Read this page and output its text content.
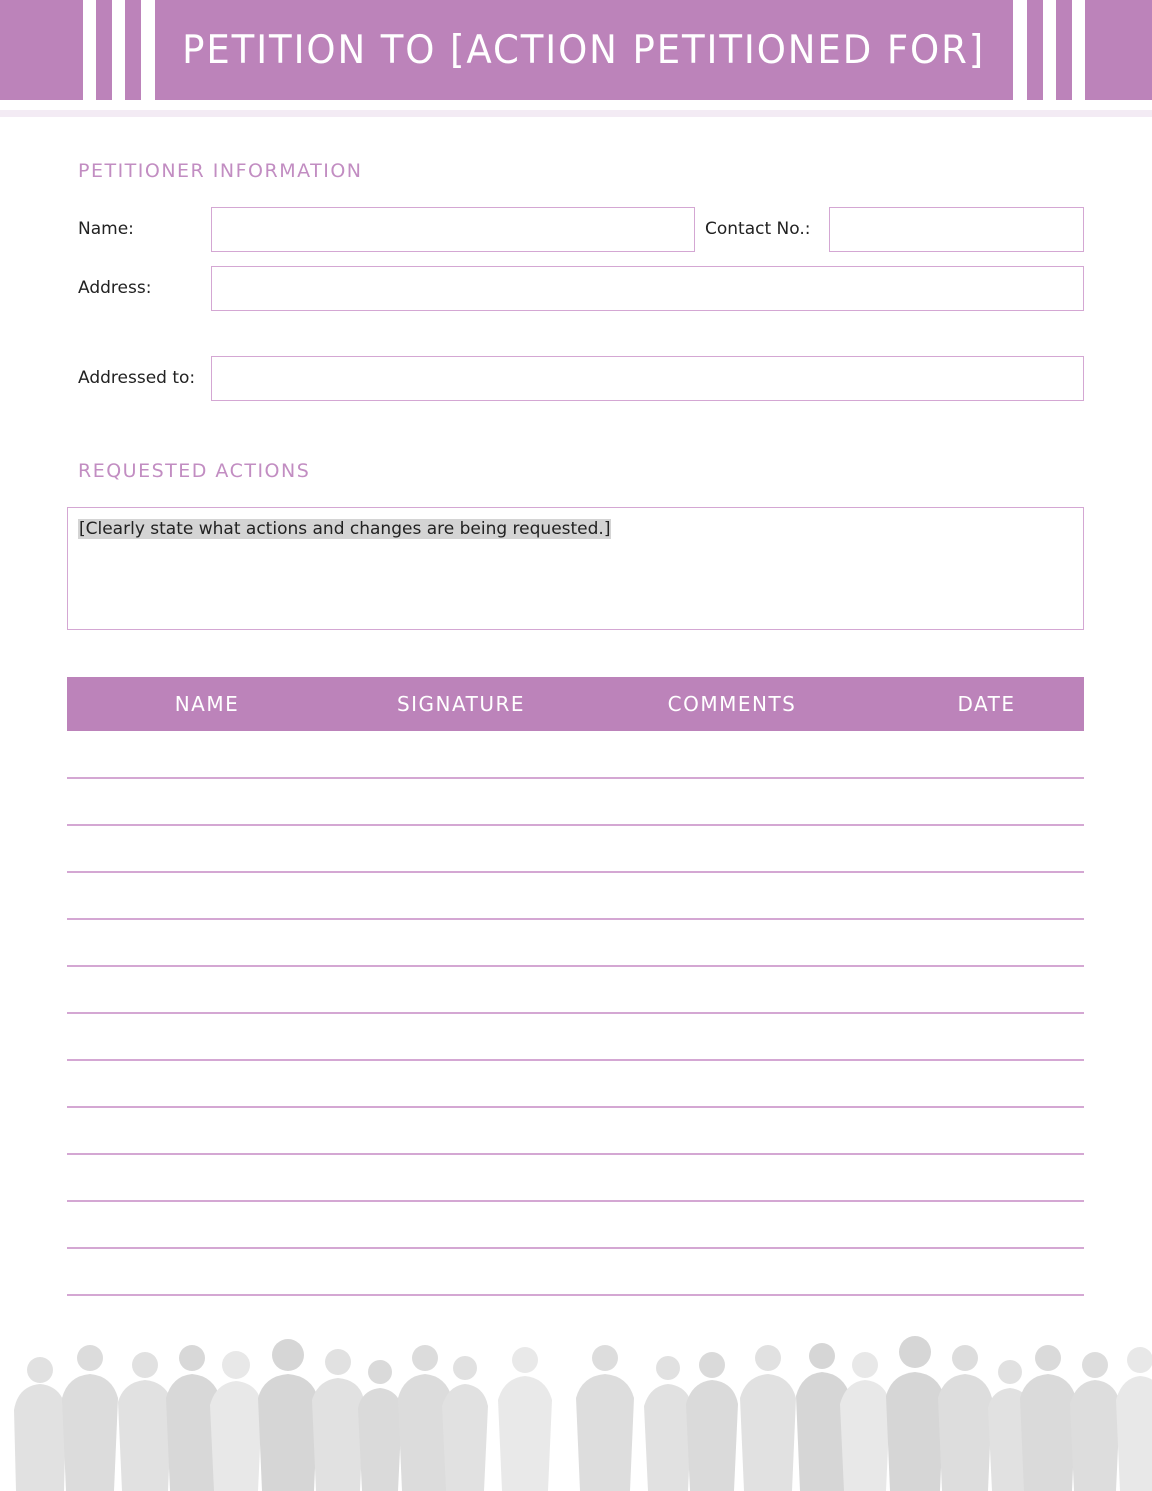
PETITION TO [ACTION PETITIONED FOR]
PETITIONER INFORMATION
Name:	Contact No.:
Address:
Addressed to:
REQUESTED ACTIONS
[Clearly state what actions and changes are being requested.]
NAME	SIGNATURE	COMMENTS	DATE
